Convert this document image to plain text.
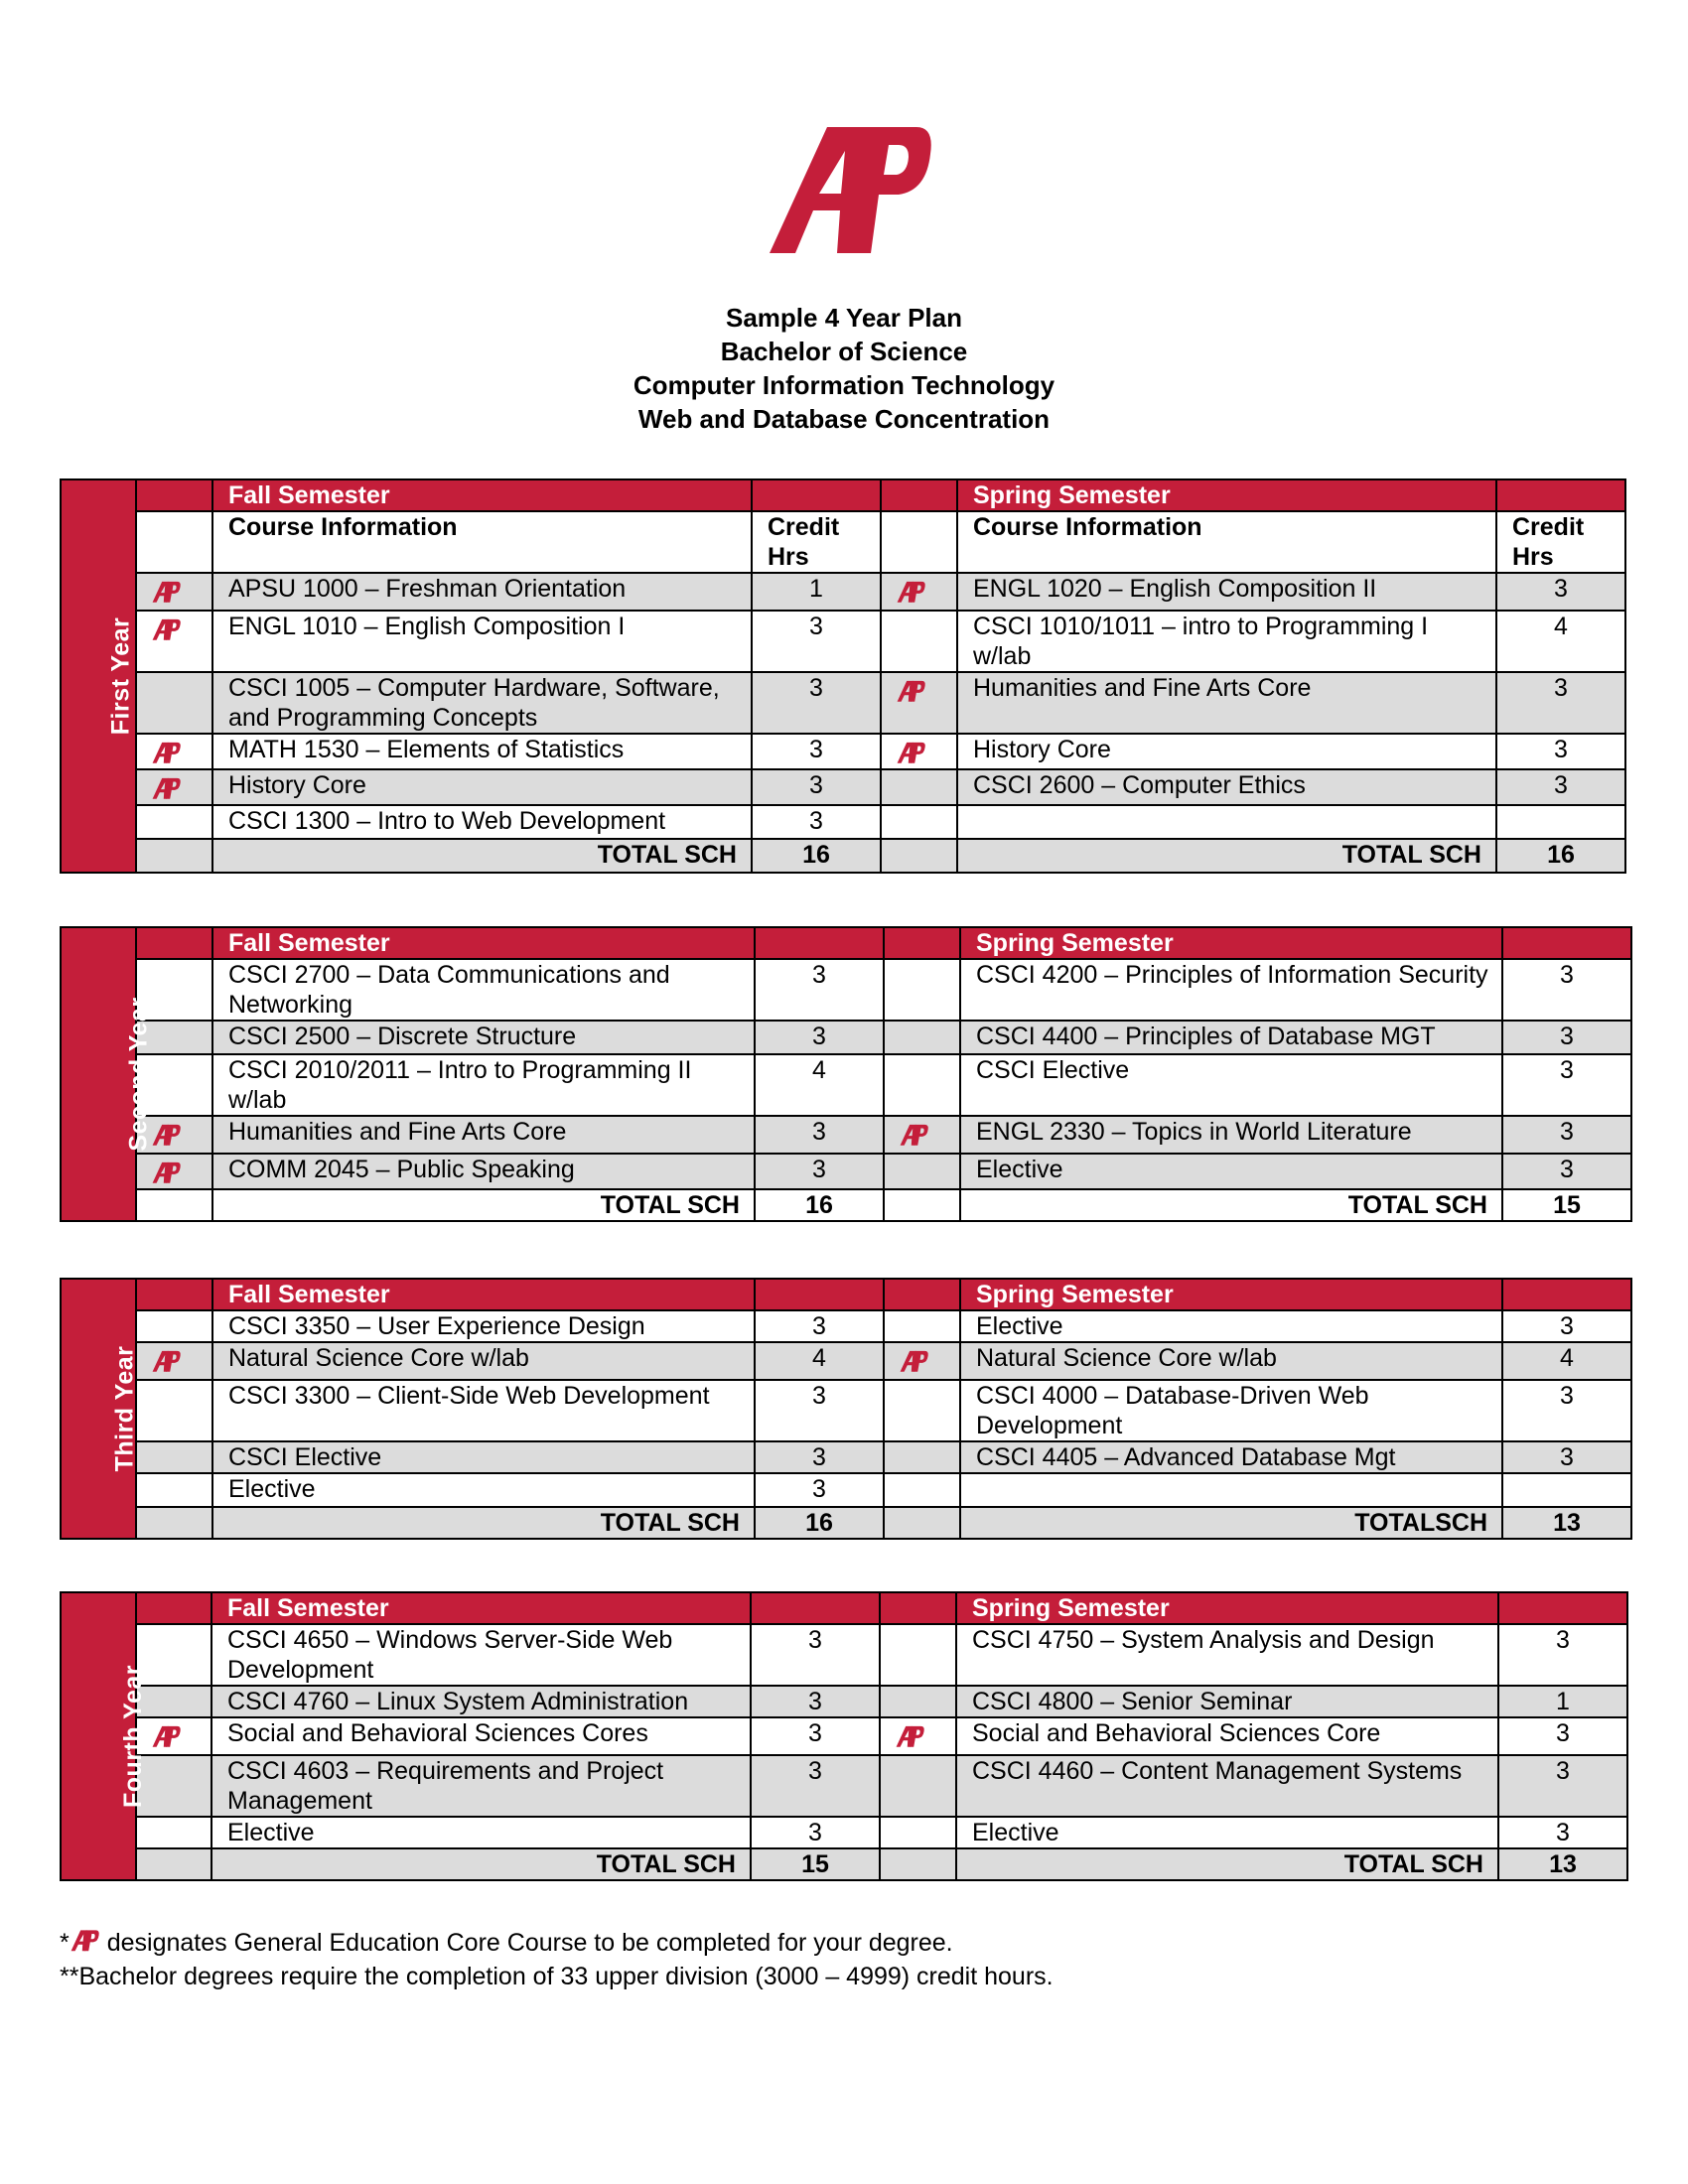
Sample 4 Year Plan
Bachelor of Science
Computer Information Technology
Web and Database Concentration
First Year		Fall Semester			Spring Semester	
		Course Information	Credit Hrs		Course Information	Credit Hrs

	APSU 1000 – Freshman Orientation	1		ENGL 1020 – English Composition II	3

	ENGL 1010 – English Composition I	3		CSCI 1010/1011 – intro to Programming I w/lab	4
		CSCI 1005 – Computer Hardware, Software, and Programming Concepts	3		Humanities and Fine Arts Core	3

	MATH 1530 – Elements of Statistics	3		History Core	3

	History Core	3		CSCI 2600 – Computer Ethics	3
		CSCI 1300 – Intro to Web Development	3			
		TOTAL SCH	16		TOTAL SCH	16
Second Year		Fall Semester			Spring Semester	
		CSCI 2700 – Data Communications and Networking	3		CSCI 4200 – Principles of Information Security	3
		CSCI 2500 – Discrete Structure	3		CSCI 4400 – Principles of Database MGT	3
		CSCI 2010/2011 – Intro to Programming II w/lab	4		CSCI Elective	3

	Humanities and Fine Arts Core	3		ENGL 2330 – Topics in World Literature	3

	COMM 2045 – Public Speaking	3		Elective	3
		TOTAL SCH	16		TOTAL SCH	15
Third Year		Fall Semester			Spring Semester	
		CSCI 3350 – User Experience Design	3		Elective	3

	Natural Science Core w/lab	4		Natural Science Core w/lab	4
		CSCI 3300 – Client-Side Web Development	3		CSCI 4000 – Database-Driven Web Development	3
		CSCI Elective	3		CSCI 4405 – Advanced Database Mgt	3
		Elective	3			
		TOTAL SCH	16		TOTALSCH	13
Fourth Year		Fall Semester			Spring Semester	
		CSCI 4650 – Windows Server-Side Web Development	3		CSCI 4750 – System Analysis and Design	3
		CSCI 4760 – Linux System Administration	3		CSCI 4800 – Senior Seminar	1

	Social and Behavioral Sciences Cores	3		Social and Behavioral Sciences Core	3
		CSCI 4603 – Requirements and Project Management	3		CSCI 4460 – Content Management Systems	3
		Elective	3		Elective	3
		TOTAL SCH	15		TOTAL SCH	13
* designates General Education Core Course to be completed for your degree.
**Bachelor degrees require the completion of 33 upper division (3000 – 4999) credit hours.
